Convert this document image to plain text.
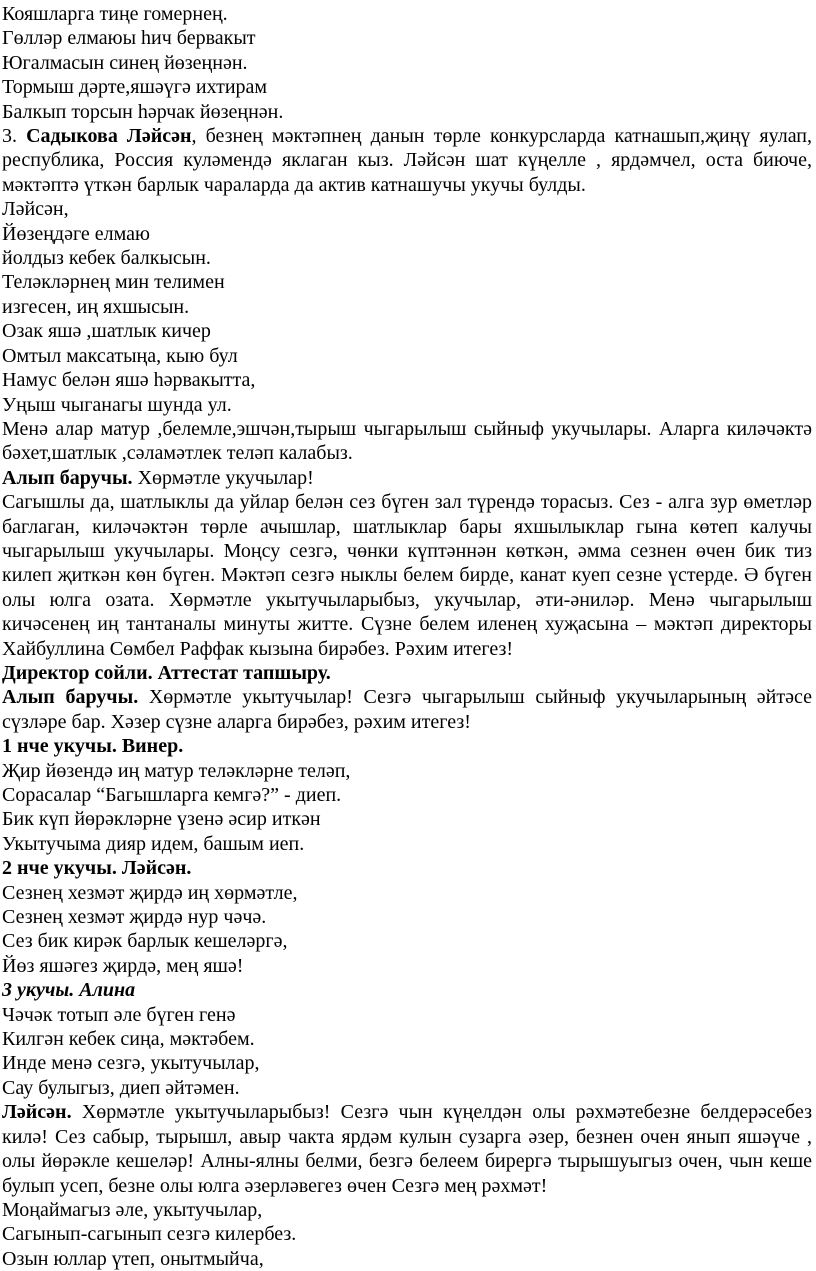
Кояшларга тиңе гомернең.

Гөлләр елмаюы һич бервакыт

Югалмасын синең йөзеңнән.

Тормыш дәрте,яшәүгә ихтирам

Балкып торсын һәрчак йөзеңнән.

3. Садыкова Ләйсән, безнең мәктәпнең данын төрле конкурсларда катнашып,җиңү яулап, республика, Россия куләмендә яклаган кыз. Ләйсән шат күңелле , ярдәмчел, оста биюче, мәктәптә үткән барлык чараларда да актив катнашучы укучы булды.

Ләйсән,

Йөзеңдәге елмаю

йолдыз кебек балкысын.

Теләкләрнең мин телимен

изгесен, иң яхшысын.

Озак яшә ,шатлык кичер

Омтыл максатыңа, кыю бул

Намус белән яшә һәрвакытта,

Уңыш чыганагы шунда ул.

Менә алар матур ,белемле,эшчән,тырыш чыгарылыш сыйныф укучылары. Аларга киләчәктә бәхет,шатлык ,сәламәтлек теләп калабыз.

Алып баручы. Хөрмәтле укучылар!

Сагышлы да, шатлыклы да уйлар белән сез бүген зал түрендә торасыз. Сез - алга зур өметләр баглаган, киләчәктән төрле ачышлар, шатлыклар бары яхшылыклар гына көтеп калучы чыгарылыш укучылары. Моңсу сезгә, чөнки күптәннән көткән, әмма сезнен өчен бик тиз килеп җиткән көн бүген. Мәктәп сезгә ныклы белем бирде, канат куеп сезне үстерде. Ә бүген олы юлга озата. Хөрмәтле укытучыларыбыз, укучылар, әти-әниләр. Менә чыгарылыш кичәсенең иң тантаналы минуты житте. Сүзне белем иленең хуҗасына – мәктәп директоры Хайбуллина Сөмбел Раффак кызына бирәбез. Рәхим итегез!

Директор сойли. Аттестат тапшыру.

Алып баручы. Хөрмәтле укытучылар! Сезгә чыгарылыш сыйныф укучыларының әйтәсе сүзләре бар. Хәзер сүзне аларга бирәбез, рәхим итегез!

1 нче укучы. Винер.

Җир йөзендә иң матур теләкләрне теләп,

Сорасалар “Багышларга кемгә?” - диеп.

Бик күп йөрәкләрне үзенә әсир иткән

Укытучыма дияр идем, башым иеп.

2 нче укучы. Ләйсән.

Сезнең хезмәт җирдә иң хөрмәтле,

Сезнең хезмәт җирдә нур чәчә.

Сез бик кирәк барлык кешеләргә,

Йөз яшәгез җирдә, мең яшә!

3 укучы. Алина

Чәчәк тотып әле бүген генә

Килгән кебек сиңа, мәктәбем.

Инде менә сезгә, укытучылар,

Сау булыгыз, диеп әйтәмен.

Ләйсән. Хөрмәтле укытучыларыбыз! Сезгә чын күңелдән олы рәхмәтебезне белдерәсебез килә! Сез сабыр, тырышл, авыр чакта ярдәм кулын сузарга әзер, безнен очен янып яшәүче , олы йөрәкле кешеләр! Алны-ялны белми, безгә белеем бирергә тырышуыгыз очен, чын кеше булып усеп, безне олы юлга әзерләвегез өчен Сезгә мең рәхмәт!

Моңаймагыз әле, укытучылар,

Сагынып-сагынып сезгә килербез.

Озын юллар үтеп, онытмыйча,
